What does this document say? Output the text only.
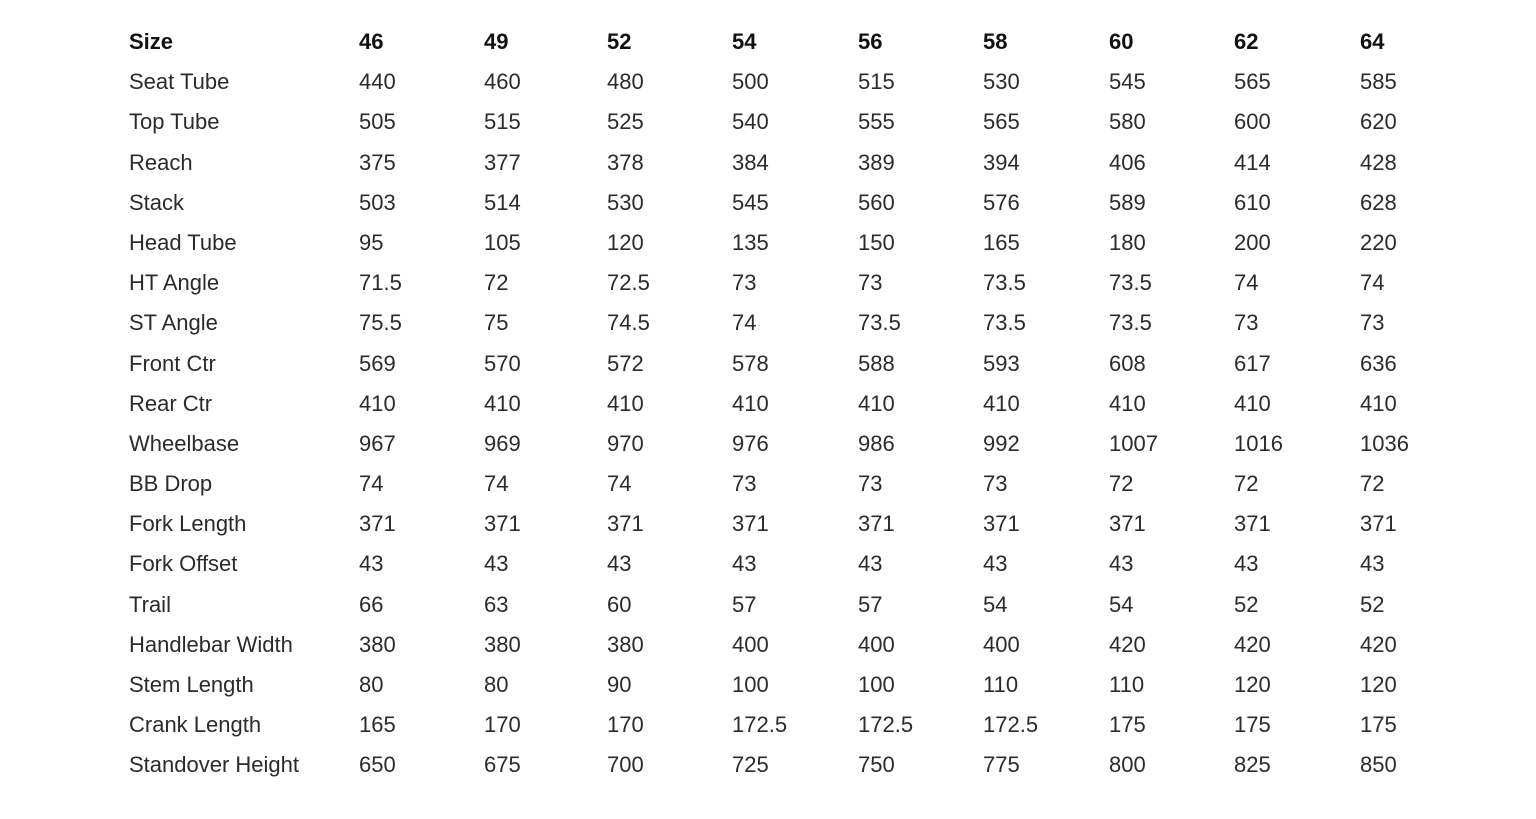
Size	46	49	52	54	56	58	60	62	64
Seat Tube	440	460	480	500	515	530	545	565	585
Top Tube	505	515	525	540	555	565	580	600	620
Reach	375	377	378	384	389	394	406	414	428
Stack	503	514	530	545	560	576	589	610	628
Head Tube	95	105	120	135	150	165	180	200	220
HT Angle	71.5	72	72.5	73	73	73.5	73.5	74	74
ST Angle	75.5	75	74.5	74	73.5	73.5	73.5	73	73
Front Ctr	569	570	572	578	588	593	608	617	636
Rear Ctr	410	410	410	410	410	410	410	410	410
Wheelbase	967	969	970	976	986	992	1007	1016	1036
BB Drop	74	74	74	73	73	73	72	72	72
Fork Length	371	371	371	371	371	371	371	371	371
Fork Offset	43	43	43	43	43	43	43	43	43
Trail	66	63	60	57	57	54	54	52	52
Handlebar Width	380	380	380	400	400	400	420	420	420
Stem Length	80	80	90	100	100	110	110	120	120
Crank Length	165	170	170	172.5	172.5	172.5	175	175	175
Standover Height	650	675	700	725	750	775	800	825	850
